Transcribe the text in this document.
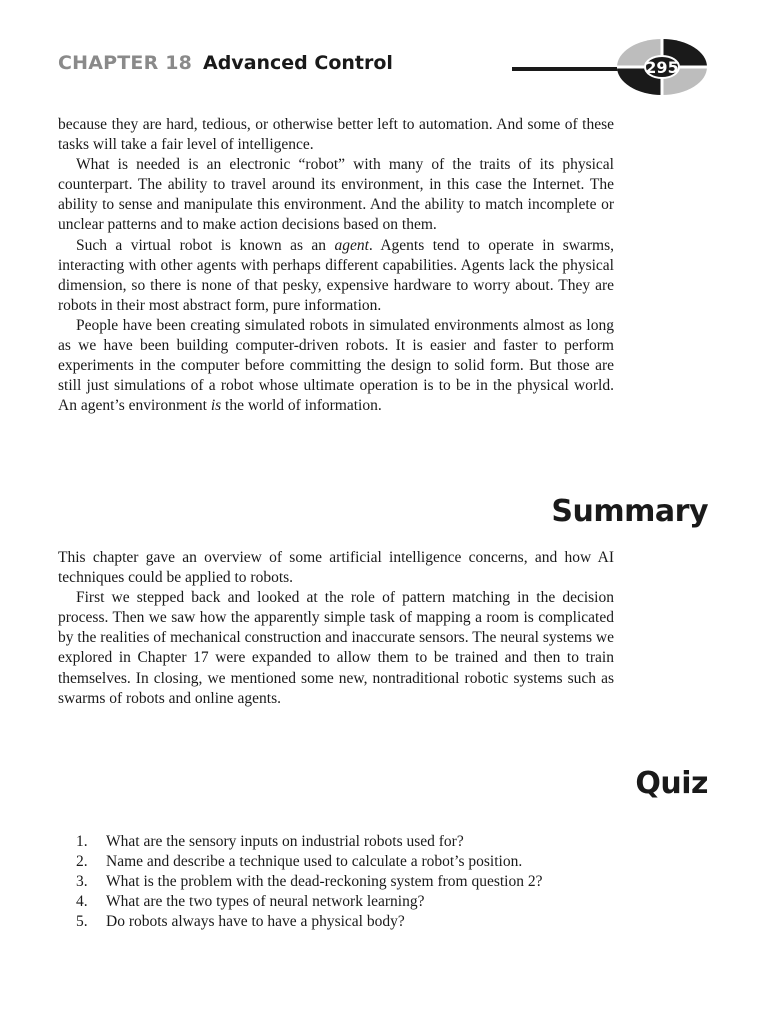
CHAPTER 18 Advanced Control	295

because they are hard, tedious, or otherwise better left to automation. And some of these tasks will take a fair level of intelligence.

What is needed is an electronic “robot” with many of the traits of its physical counterpart. The ability to travel around its environment, in this case the Internet. The ability to sense and manipulate this environment. And the ability to match incomplete or unclear patterns and to make action decisions based on them.

Such a virtual robot is known as an agent. Agents tend to operate in swarms, interacting with other agents with perhaps different capabilities. Agents lack the physical dimension, so there is none of that pesky, expensive hardware to worry about. They are robots in their most abstract form, pure information.

People have been creating simulated robots in simulated environments almost as long as we have been building computer-driven robots. It is easier and faster to perform experiments in the computer before committing the design to solid form. But those are still just simulations of a robot whose ultimate operation is to be in the physical world. An agent’s environment is the world of information.

Summary

This chapter gave an overview of some artificial intelligence concerns, and how AI techniques could be applied to robots.

First we stepped back and looked at the role of pattern matching in the decision process. Then we saw how the apparently simple task of mapping a room is complicated by the realities of mechanical construction and inaccurate sensors. The neural systems we explored in Chapter 17 were expanded to allow them to be trained and then to train themselves. In closing, we mentioned some new, nontraditional robotic systems such as swarms of robots and online agents.

Quiz
1. What are the sensory inputs on industrial robots used for?
2. Name and describe a technique used to calculate a robot’s position.
3. What is the problem with the dead-reckoning system from question 2?
4. What are the two types of neural network learning?
5. Do robots always have to have a physical body?
